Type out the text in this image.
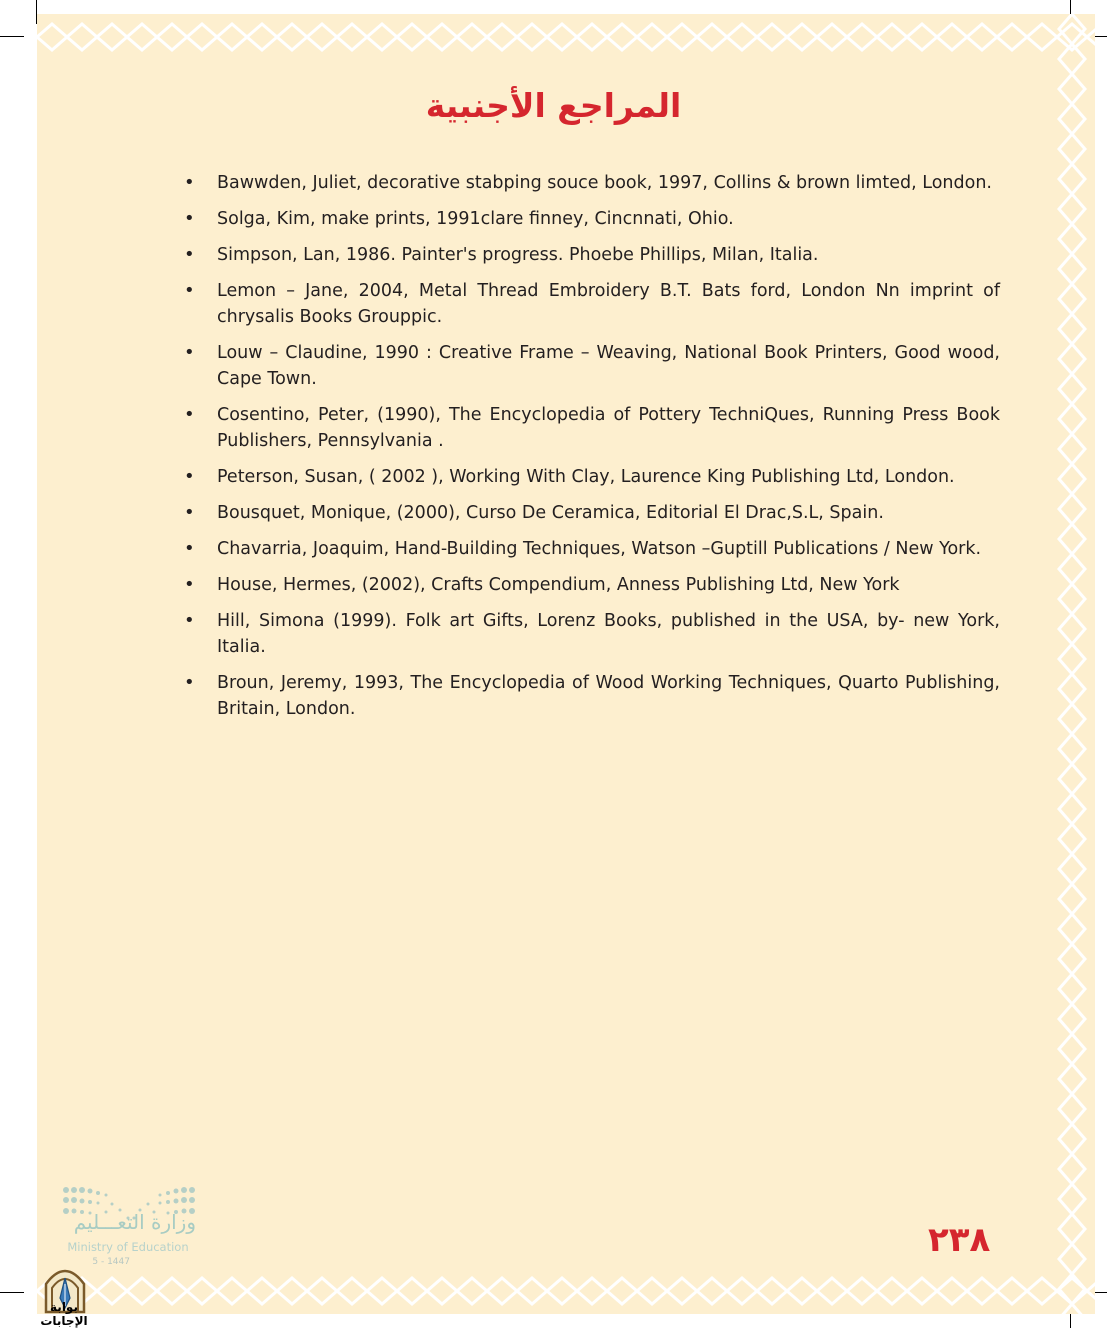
المراجع الأجنبية
• Bawwden, Juliet, decorative stabping souce book, 1997, Collins & brown limted, London.
• Solga, Kim, make prints, 1991clare finney, Cincnnati, Ohio.
• Simpson, Lan, 1986. Painter's progress. Phoebe Phillips, Milan, Italia.
• Lemon – Jane, 2004, Metal Thread Embroidery B.T. Bats ford, London Nn imprint of chrysalis Books Grouppic.
• Louw – Claudine, 1990 : Creative Frame – Weaving, National Book Printers, Good wood, Cape Town.
• Cosentino, Peter, (1990), The Encyclopedia of Pottery TechniQues, Running Press Book Publishers, Pennsylvania .
• Peterson, Susan, ( 2002 ), Working With Clay, Laurence King Publishing Ltd, London.
• Bousquet, Monique, (2000), Curso De Ceramica, Editorial El Drac,S.L, Spain.
• Chavarria, Joaquim, Hand-Building Techniques, Watson –Guptill Publications / New York.
• House, Hermes, (2002), Crafts Compendium, Anness Publishing Ltd, New York
• Hill, Simona (1999). Folk art Gifts, Lorenz Books, published in the USA, by- new York, Italia.
• Broun, Jeremy, 1993, The Encyclopedia of Wood Working Techniques, Quarto Publishing, Britain, London.
وزارة التعـــليم
Ministry of Education
5 - 1447
٢٣٨
بوابة الإجابات
